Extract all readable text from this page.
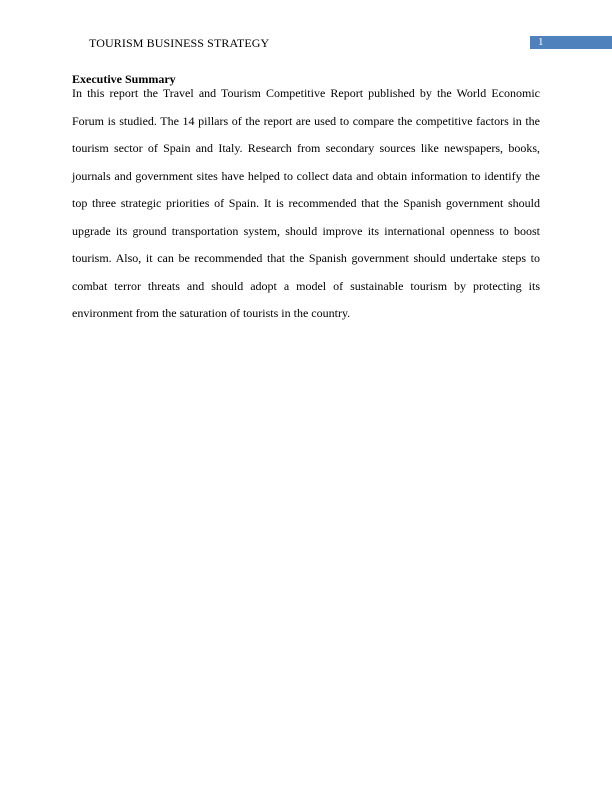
TOURISM BUSINESS STRATEGY	1
Executive Summary

In this report the Travel and Tourism Competitive Report published by the World Economic Forum is studied. The 14 pillars of the report are used to compare the competitive factors in the tourism sector of Spain and Italy. Research from secondary sources like newspapers, books, journals and government sites have helped to collect data and obtain information to identify the top three strategic priorities of Spain. It is recommended that the Spanish government should upgrade its ground transportation system, should improve its international openness to boost tourism. Also, it can be recommended that the Spanish government should undertake steps to combat terror threats and should adopt a model of sustainable tourism by protecting its environment from the saturation of tourists in the country.
